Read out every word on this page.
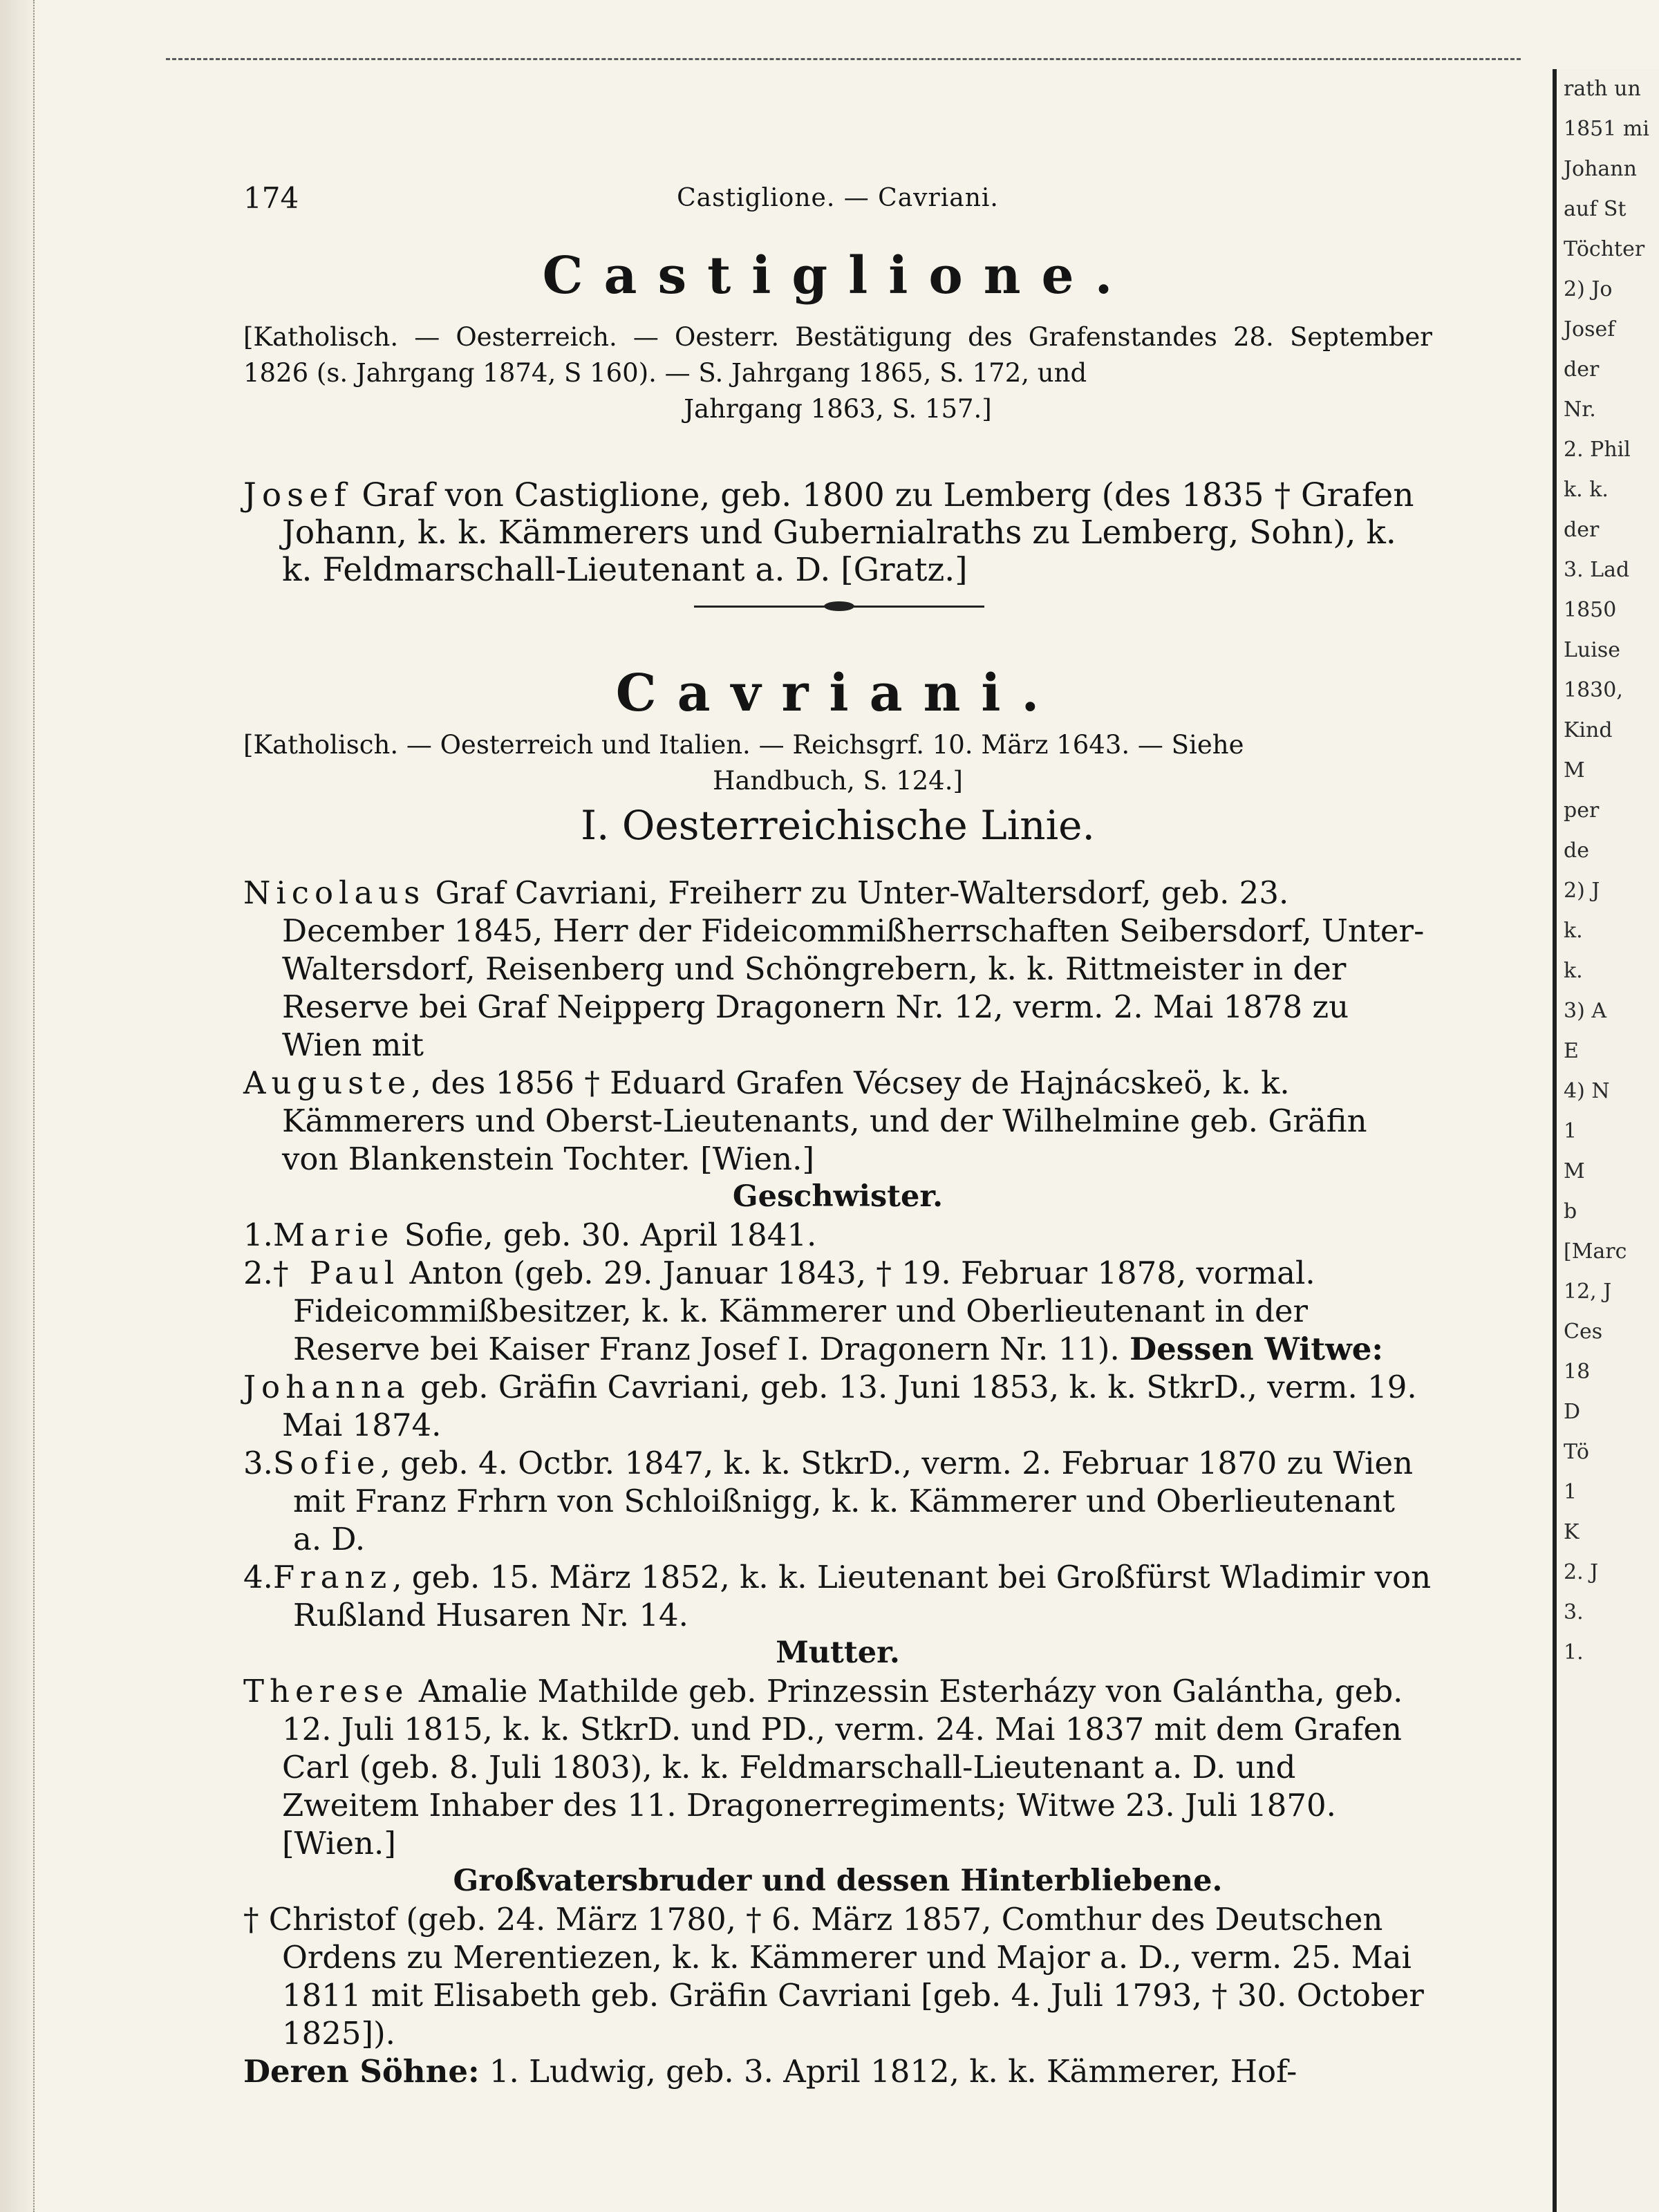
174	Castiglione. — Cavriani.
Castiglione.
[Katholisch. — Oesterreich. — Oesterr. Bestätigung des Grafenstandes 28. September 1826 (s. Jahrgang 1874, S 160). — S. Jahrgang 1865, S. 172, und
Jahrgang 1863, S. 157.]

Josef Graf von Castiglione, geb. 1800 zu Lemberg (des 1835 † Grafen Johann, k. k. Kämmerers und Gubernialraths zu Lemberg, Sohn), k. k. Feldmarschall-Lieutenant a. D. [Gratz.]

Cavriani.
[Katholisch. — Oesterreich und Italien. — Reichsgrf. 10. März 1643. — Siehe
Handbuch, S. 124.]
I. Oesterreichische Linie.

Nicolaus Graf Cavriani, Freiherr zu Unter-Waltersdorf, geb. 23. December 1845, Herr der Fideicommißherrschaften Seibersdorf, Unter-Waltersdorf, Reisenberg und Schöngrebern, k. k. Rittmeister in der Reserve bei Graf Neipperg Dragonern Nr. 12, verm. 2. Mai 1878 zu Wien mit

Auguste, des 1856 † Eduard Grafen Vécsey de Hajnácskeö, k. k. Kämmerers und Oberst-Lieutenants, und der Wilhelmine geb. Gräfin von Blankenstein Tochter. [Wien.]

Geschwister.

1.Marie Sofie, geb. 30. April 1841.

2.† Paul Anton (geb. 29. Januar 1843, † 19. Februar 1878, vormal. Fideicommißbesitzer, k. k. Kämmerer und Oberlieutenant in der Reserve bei Kaiser Franz Josef I. Dragonern Nr. 11). Dessen Witwe:

Johanna geb. Gräfin Cavriani, geb. 13. Juni 1853, k. k. StkrD., verm. 19. Mai 1874.

3.Sofie, geb. 4. Octbr. 1847, k. k. StkrD., verm. 2. Februar 1870 zu Wien mit Franz Frhrn von Schloißnigg, k. k. Kämmerer und Oberlieutenant a. D.

4.Franz, geb. 15. März 1852, k. k. Lieutenant bei Großfürst Wladimir von Rußland Husaren Nr. 14.

Mutter.

Therese Amalie Mathilde geb. Prinzessin Esterházy von Galántha, geb. 12. Juli 1815, k. k. StkrD. und PD., verm. 24. Mai 1837 mit dem Grafen Carl (geb. 8. Juli 1803), k. k. Feldmarschall-Lieutenant a. D. und Zweitem Inhaber des 11. Dragonerregiments; Witwe 23. Juli 1870. [Wien.]

Großvatersbruder und dessen Hinterbliebene.

† Christof (geb. 24. März 1780, † 6. März 1857, Comthur des Deutschen Ordens zu Merentiezen, k. k. Kämmerer und Major a. D., verm. 25. Mai 1811 mit Elisabeth geb. Gräfin Cavriani [geb. 4. Juli 1793, † 30. October 1825]).

Deren Söhne: 1. Ludwig, geb. 3. April 1812, k. k. Kämmerer, Hof-

rath un
1851 mi
Johann
auf St
Töchter
2) Jo
Josef
der
Nr.
2. Phil
k. k.
der
3. Lad
1850
Luise
1830,
Kind
M
per
de
2) J
k.
k.
3) A
E
4) N
1
M
b
[Marc
12, J
Ces
18
D
Tö
1
K
2. J
3.
1.
